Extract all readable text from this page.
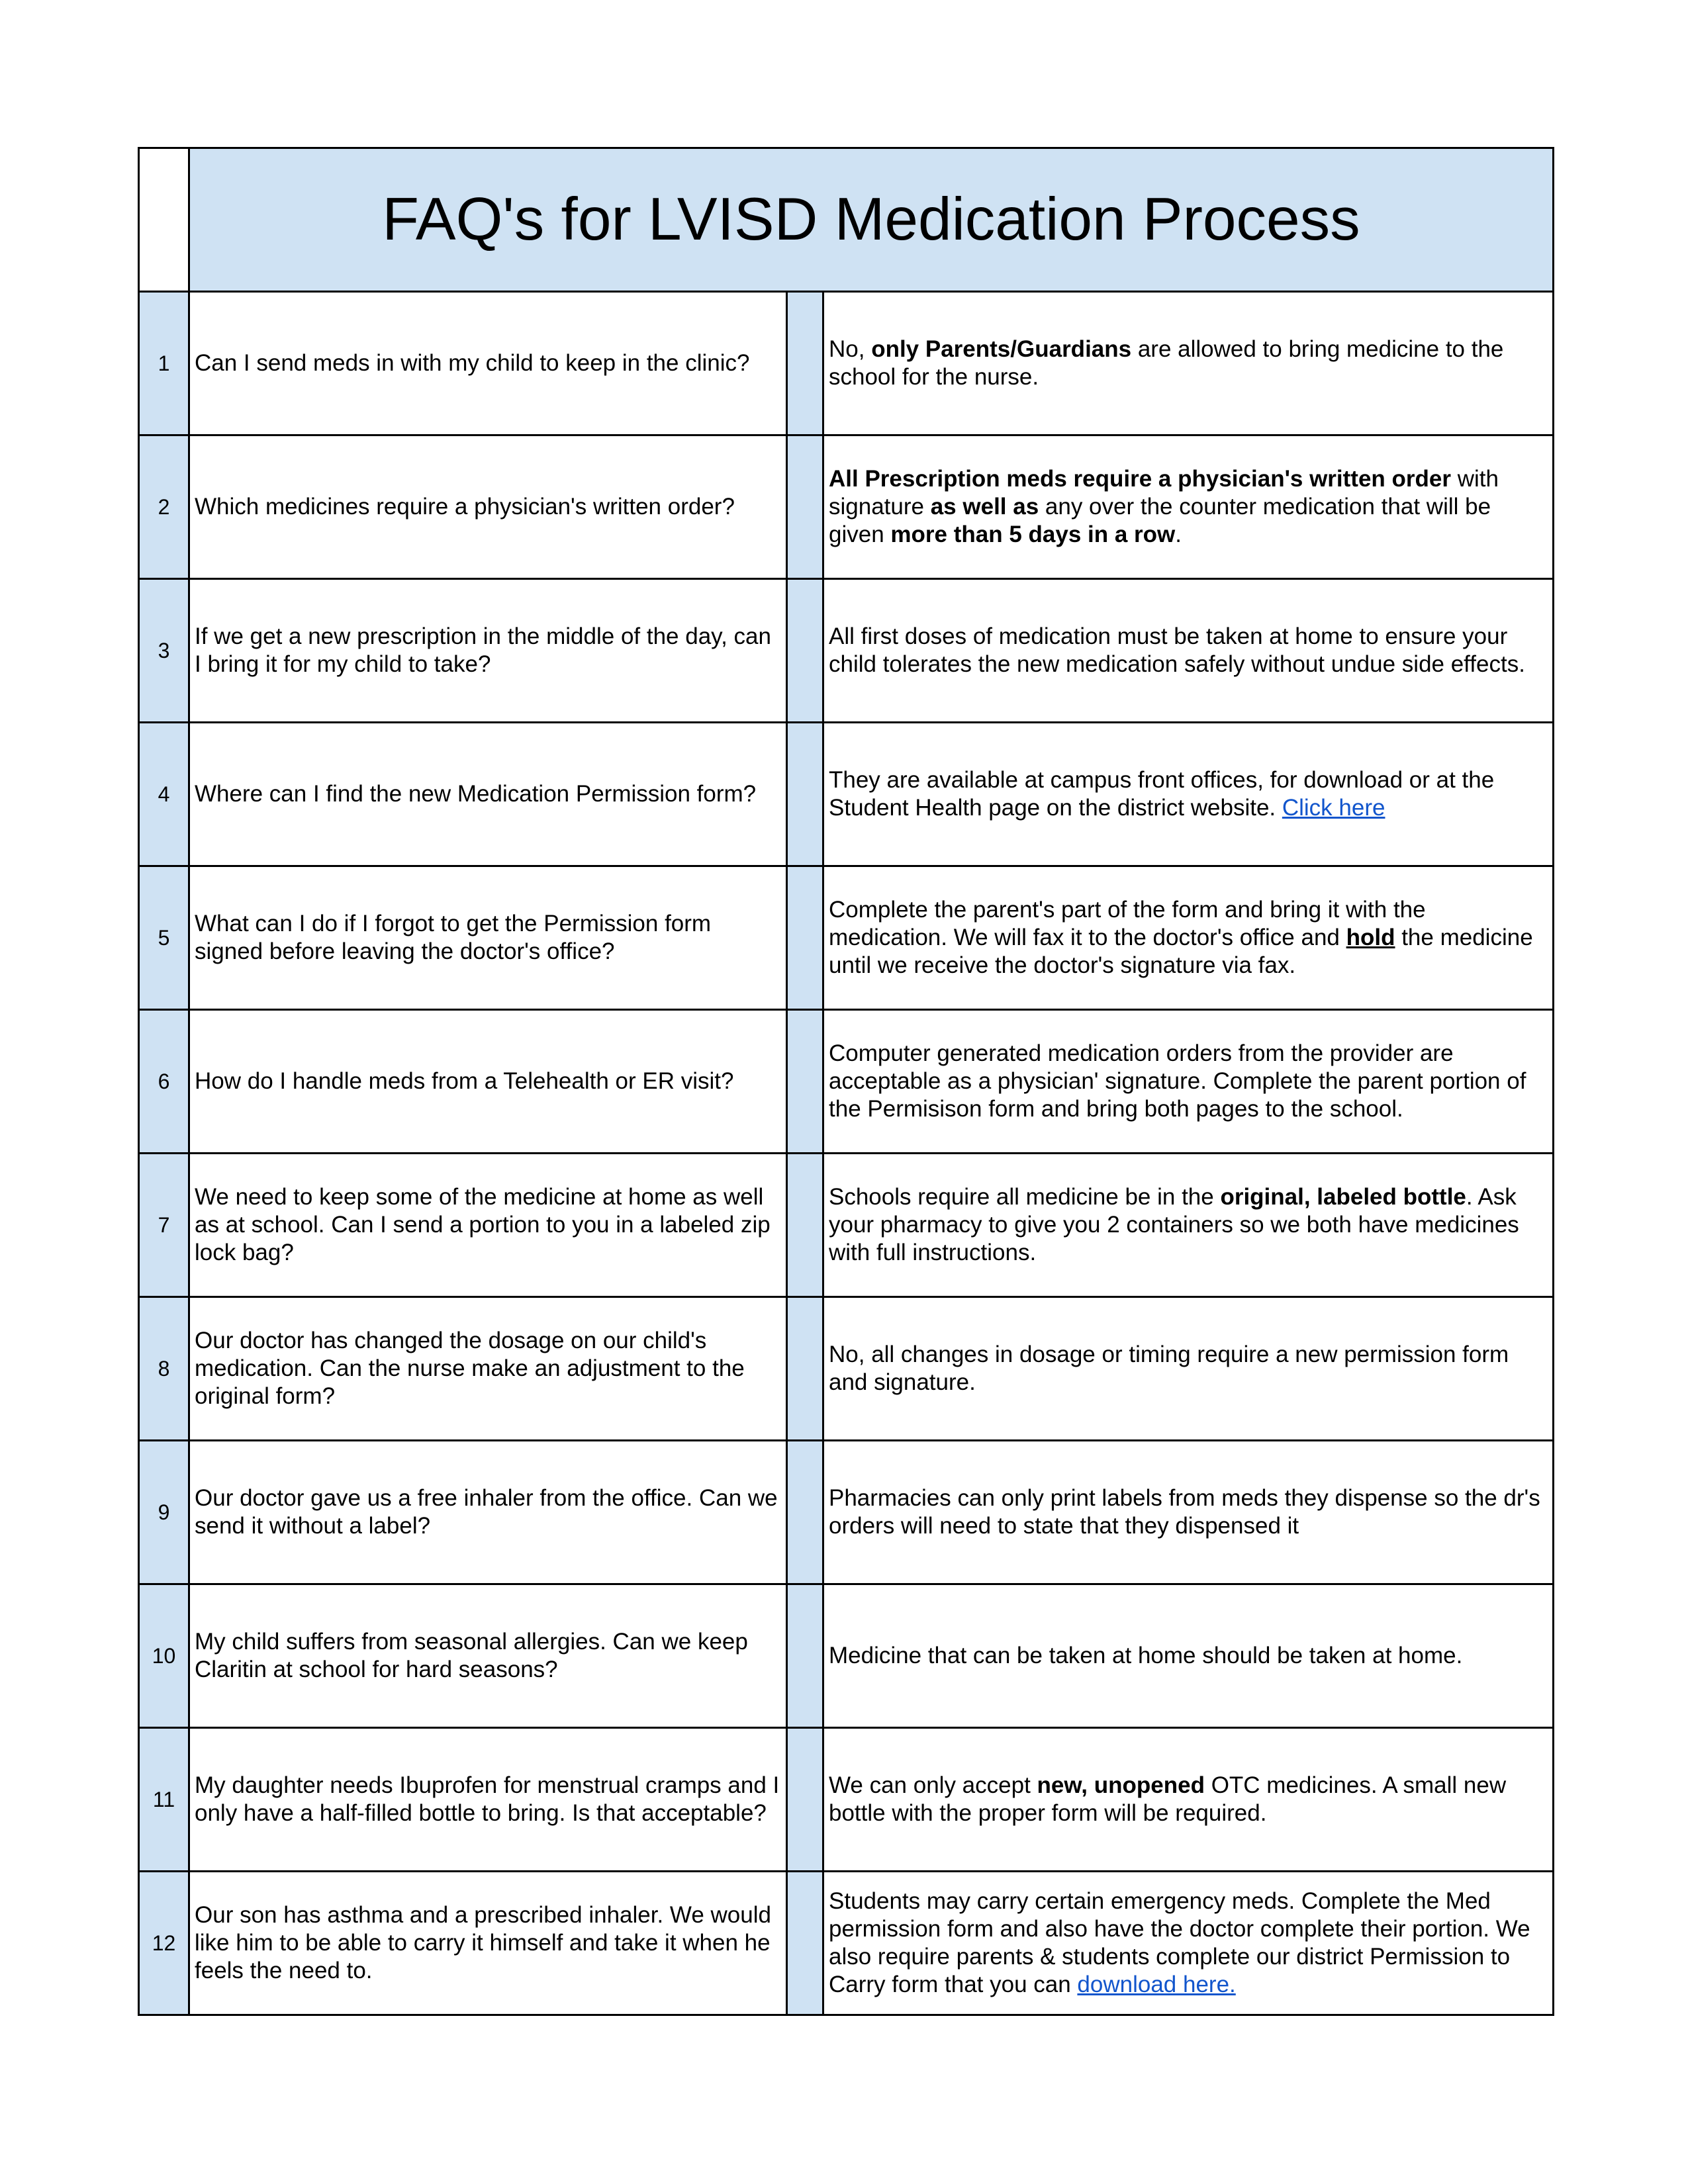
	FAQ's for LVISD Medication Process		
1	Can I send meds in with my child to keep in the clinic?		No, only Parents/Guardians are allowed to bring medicine to the school for the nurse.
2	Which medicines require a physician's written order?		All Prescription meds require a physician's written order with signature as well as any over the counter medication that will be given more than 5 days in a row.
3	If we get a new prescription in the middle of the day, can I bring it for my child to take?		All first doses of medication must be taken at home to ensure your child tolerates the new medication safely without undue side effects.
4	Where can I find the new Medication Permission form?		They are available at campus front offices, for download or at the Student Health page on the district website. Click here
5	What can I do if I forgot to get the Permission form signed before leaving the doctor's office?		Complete the parent's part of the form and bring it with the medication. We will fax it to the doctor's office and hold the medicine until we receive the doctor's signature via fax.
6	How do I handle meds from a Telehealth or ER visit?		Computer generated medication orders from the provider are acceptable as a physician' signature. Complete the parent portion of the Permisison form and bring both pages to the school.
7	We need to keep some of the medicine at home as well as at school. Can I send a portion to you in a labeled zip lock bag?		Schools require all medicine be in the original, labeled bottle. Ask your pharmacy to give you 2 containers so we both have medicines with full instructions.
8	Our doctor has changed the dosage on our child's medication. Can the nurse make an adjustment to the original form?		No, all changes in dosage or timing require a new permission form and signature.
9	Our doctor gave us a free inhaler from the office. Can we send it without a label?		Pharmacies can only print labels from meds they dispense so the dr's orders will need to state that they dispensed it
10	My child suffers from seasonal allergies. Can we keep Claritin at school for hard seasons?		Medicine that can be taken at home should be taken at home.
11	My daughter needs Ibuprofen for menstrual cramps and I only have a half-filled bottle to bring. Is that acceptable?		We can only accept new, unopened OTC medicines. A small new bottle with the proper form will be required.
12	Our son has asthma and a prescribed inhaler. We would like him to be able to carry it himself and take it when he feels the need to.		Students may carry certain emergency meds. Complete the Med permission form and also have the doctor complete their portion. We also require parents & students complete our district Permission to Carry form that you can download here.
